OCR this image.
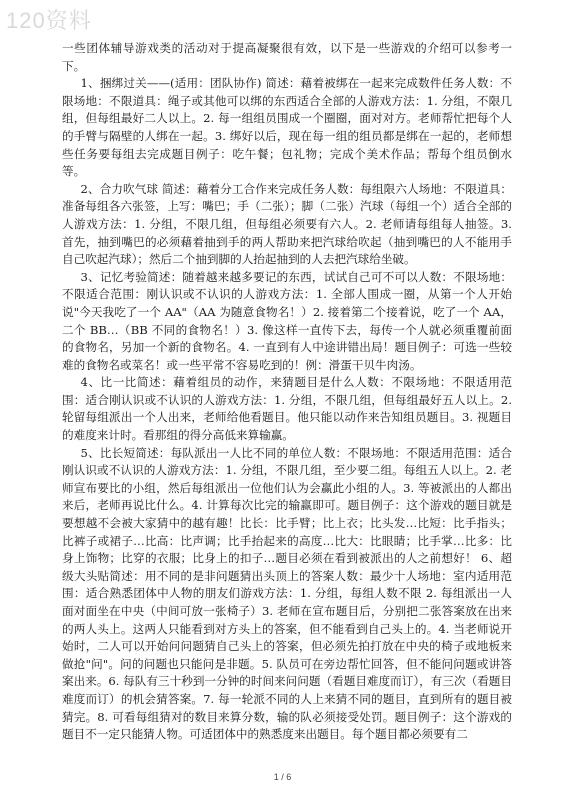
120资料

一些团体辅导游戏类的活动对于提高凝聚很有效，以下是一些游戏的介绍可以参考一下。

1、捆绑过关——(适用：团队协作) 简述：藉着被绑在一起来完成数件任务人数：不限场地：不限道具：绳子或其他可以绑的东西适合全部的人游戏方法：1. 分组，不限几组，但每组最好二人以上。2. 每一组组员围成一个圈圈，面对对方。老师帮忙把每个人的手臂与隔壁的人绑在一起。3. 绑好以后，现在每一组的组员都是绑在一起的，老师想些任务要每组去完成题目例子：吃午餐；包礼物；完成个美术作品；帮每个组员倒水等。

2、合力吹气球 简述：藉着分工合作来完成任务人数：每组限六人场地：不限道具：准备每组各六张签，上写：嘴巴；手（二张）；脚（二张）汽球（每组一个）适合全部的人游戏方法：1. 分组，不限几组，但每组必须要有六人。2. 老师请每组每人抽签。3. 首先，抽到嘴巴的必须藉着抽到手的两人帮助来把汽球给吹起（抽到嘴巴的人不能用手自己吹起汽球）；然后二个抽到脚的人抬起抽到的人去把汽球给坐破。

3、记忆考验简述：随着越来越多要记的东西，试试自己可不可以人数：不限场地：不限适合范围：刚认识或不认识的人游戏方法：1. 全部人围成一圈，从第一个人开始说"今天我吃了一个 AA"（AA 为随意食物名！）2. 接着第二个接着说，吃了一个 AA，二个 BB…（BB 不同的食物名！）3. 像这样一直传下去，每传一个人就必须重覆前面的食物名，另加一个新的食物名。4. 一直到有人中途讲错出局！题目例子：可选一些较难的食物名或菜名！或一些平常不容易吃到的！例：滑蛋干贝牛肉汤。

4、比一比简述：藉着组员的动作，来猜题目是什么人数：不限场地：不限适用范围：适合刚认识或不认识的人游戏方法：1. 分组，不限几组，但每组最好五人以上。2. 轮留每组派出一个人出来，老师给他看题目。他只能以动作来告知组员题目。3. 视题目的难度来计时。看那组的得分高低来算输赢。

5、比长短简述：每队派出一人比不同的单位人数：不限场地：不限适用范围：适合刚认识或不认识的人游戏方法：1. 分组，不限几组，至少要二组。每组五人以上。2. 老师宣布要比的小组，然后每组派出一位他们认为会赢此小组的人。3. 等被派出的人都出来后，老师再说比什么。4. 计算每次比完的输赢即可。题目例子：这个游戏的题目就是要想越不会被大家猜中的越有趣！比长：比手臂；比上衣；比头发…比短：比手指头；比裤子或裙子…比高：比声调；比手抬起来的高度…比大：比眼睛；比手掌…比多：比身上饰物；比穿的衣服；比身上的扣子…题目必须在看到被派出的人之前想好！ 6、超级大头贴简述：用不同的是非问题猜出头顶上的答案人数：最少十人场地：室内适用范围：适合熟悉团体中人物的朋友们游戏方法：1. 分组，每组人数不限 2. 每组派出一人面对面坐在中央（中间可放一张椅子）3. 老师在宣布题目后，分别把二张答案放在出来的两人头上。这两人只能看到对方头上的答案，但不能看到自己头上的。4. 当老师说开始时，二人可以开始问问题猜自己头上的答案，但必须先拍打放在中央的椅子或地板来做抢"问"。问的问题也只能问是非题。5. 队员可在旁边帮忙回答，但不能问问题或讲答案出来。6. 每队有三十秒到一分钟的时间来问问题（看题目难度而订），有三次（看题目难度而订）的机会猜答案。7. 每一轮派不同的人上来猜不同的题目，直到所有的题目被猜完。8. 可看每组猜对的数目来算分数，输的队必须接受处罚。题目例子：这个游戏的题目不一定只能猜人物。可适团体中的熟悉度来出题目。每个题目都必须要有二

1 / 6
